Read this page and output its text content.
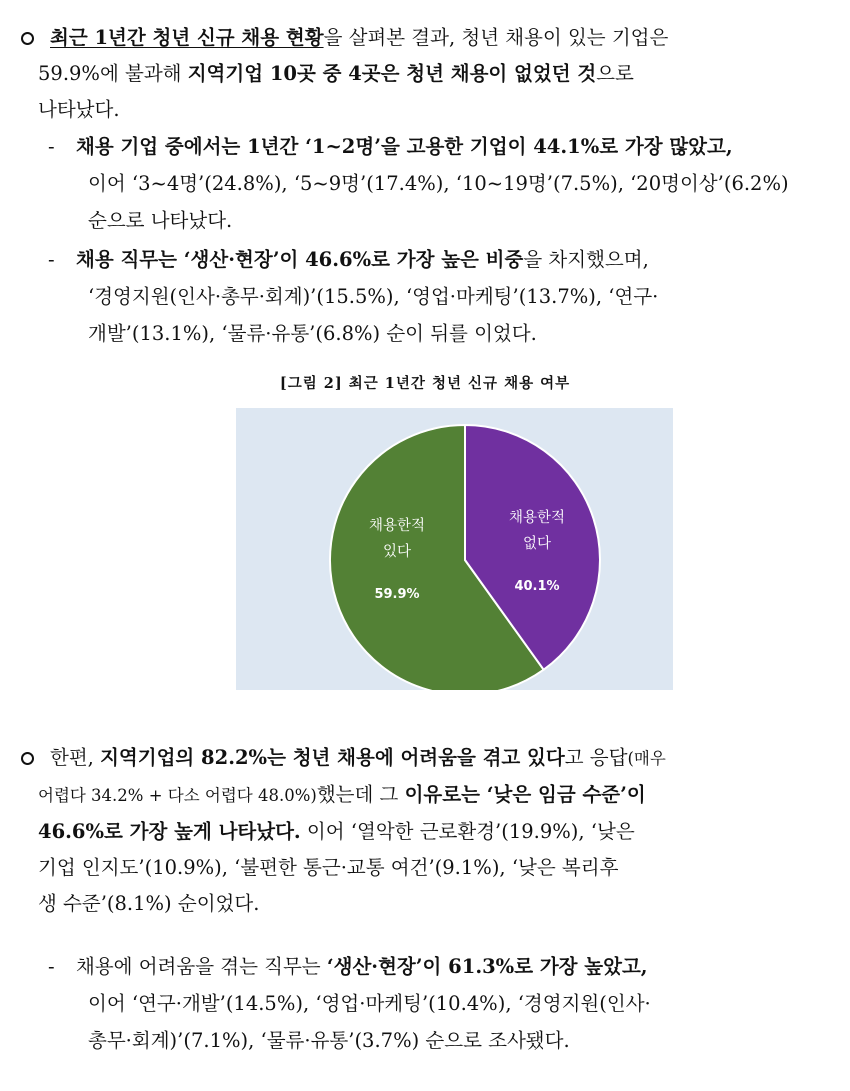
최근 1년간 청년 신규 채용 현황을 살펴본 결과, 청년 채용이 있는 기업은
59.9%에 불과해 지역기업 10곳 중 4곳은 청년 채용이 없었던 것으로
나타났다.
- 채용 기업 중에서는 1년간 ‘1~2명’을 고용한 기업이 44.1%로 가장 많았고,
이어 ‘3~4명’(24.8%), ‘5~9명’(17.4%), ‘10~19명’(7.5%), ‘20명이상’(6.2%)
순으로 나타났다.
- 채용 직무는 ‘생산·현장’이 46.6%로 가장 높은 비중을 차지했으며,
‘경영지원(인사·총무·회계)’(15.5%), ‘영업·마케팅’(13.7%), ‘연구·
개발’(13.1%), ‘물류·유통’(6.8%) 순이 뒤를 이었다.
[그림 2] 최근 1년간 청년 신규 채용 여부
채용한적
있다
59.9%
채용한적
없다
40.1%
한편, 지역기업의 82.2%는 청년 채용에 어려움을 겪고 있다고 응답(매우
어렵다 34.2% + 다소 어렵다 48.0%)했는데 그 이유로는 ‘낮은 임금 수준’이
46.6%로 가장 높게 나타났다. 이어 ‘열악한 근로환경’(19.9%), ‘낮은
기업 인지도’(10.9%), ‘불편한 통근·교통 여건’(9.1%), ‘낮은 복리후
생 수준’(8.1%) 순이었다.
- 채용에 어려움을 겪는 직무는 ‘생산·현장’이 61.3%로 가장 높았고,
이어 ‘연구·개발’(14.5%), ‘영업·마케팅’(10.4%), ‘경영지원(인사·
총무·회계)’(7.1%), ‘물류·유통’(3.7%) 순으로 조사됐다.
